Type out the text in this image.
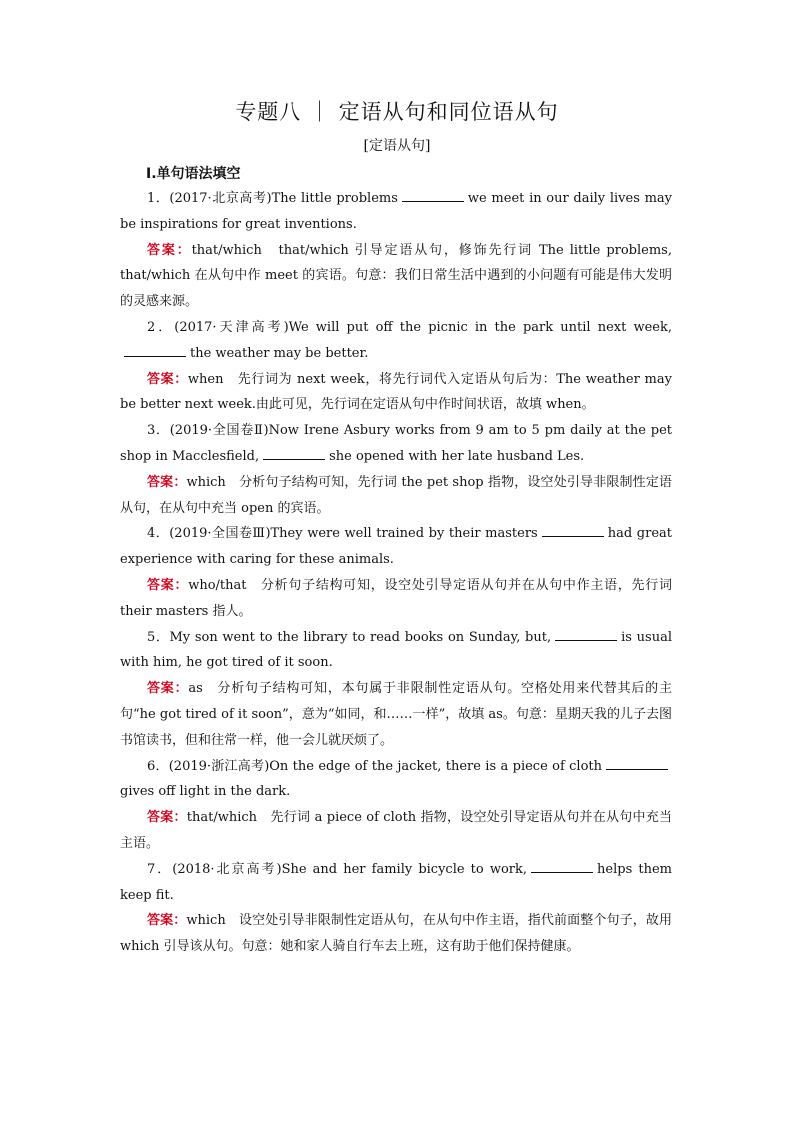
专题八 ｜ 定语从句和同位语从句
[定语从句]
Ⅰ.单句语法填空

1．(2017·北京高考)The little problems	we meet in our daily lives may be inspirations for great inventions.

答案：that/which　that/which 引导定语从句，修饰先行词 The little problems, that/which 在从句中作 meet 的宾语。句意：我们日常生活中遇到的小问题有可能是伟大发明的灵感来源。

2．(2017·天津高考)We will put off the picnic in the park until next week, the weather may be better.

答案：when　先行词为 next week，将先行词代入定语从句后为：The weather may be better next week.由此可见，先行词在定语从句中作时间状语，故填 when。

3．(2019·全国卷Ⅱ)Now Irene Asbury works from 9 am to 5 pm daily at the pet shop in Macclesfield,	she opened with her late husband Les.

答案：which　分析句子结构可知，先行词 the pet shop 指物，设空处引导非限制性定语从句，在从句中充当 open 的宾语。

4．(2019·全国卷Ⅲ)They were well trained by their masters	had great experience with caring for these animals.

答案：who/that　分析句子结构可知，设空处引导定语从句并在从句中作主语，先行词 their masters 指人。

5．My son went to the library to read books on Sunday, but,	is usual with him, he got tired of it soon.

答案：as　分析句子结构可知，本句属于非限制性定语从句。空格处用来代替其后的主句“he got tired of it soon”，意为“如同，和……一样”，故填 as。句意：星期天我的儿子去图书馆读书，但和往常一样，他一会儿就厌烦了。

6．(2019·浙江高考)On the edge of the jacket, there is a piece of clothgives off light in the dark.

答案：that/which　先行词 a piece of cloth 指物，设空处引导定语从句并在从句中充当主语。

7．(2018·北京高考)She and her family bicycle to work,	helps them keep fit.

答案：which　设空处引导非限制性定语从句，在从句中作主语，指代前面整个句子，故用 which 引导该从句。句意：她和家人骑自行车去上班，这有助于他们保持健康。
